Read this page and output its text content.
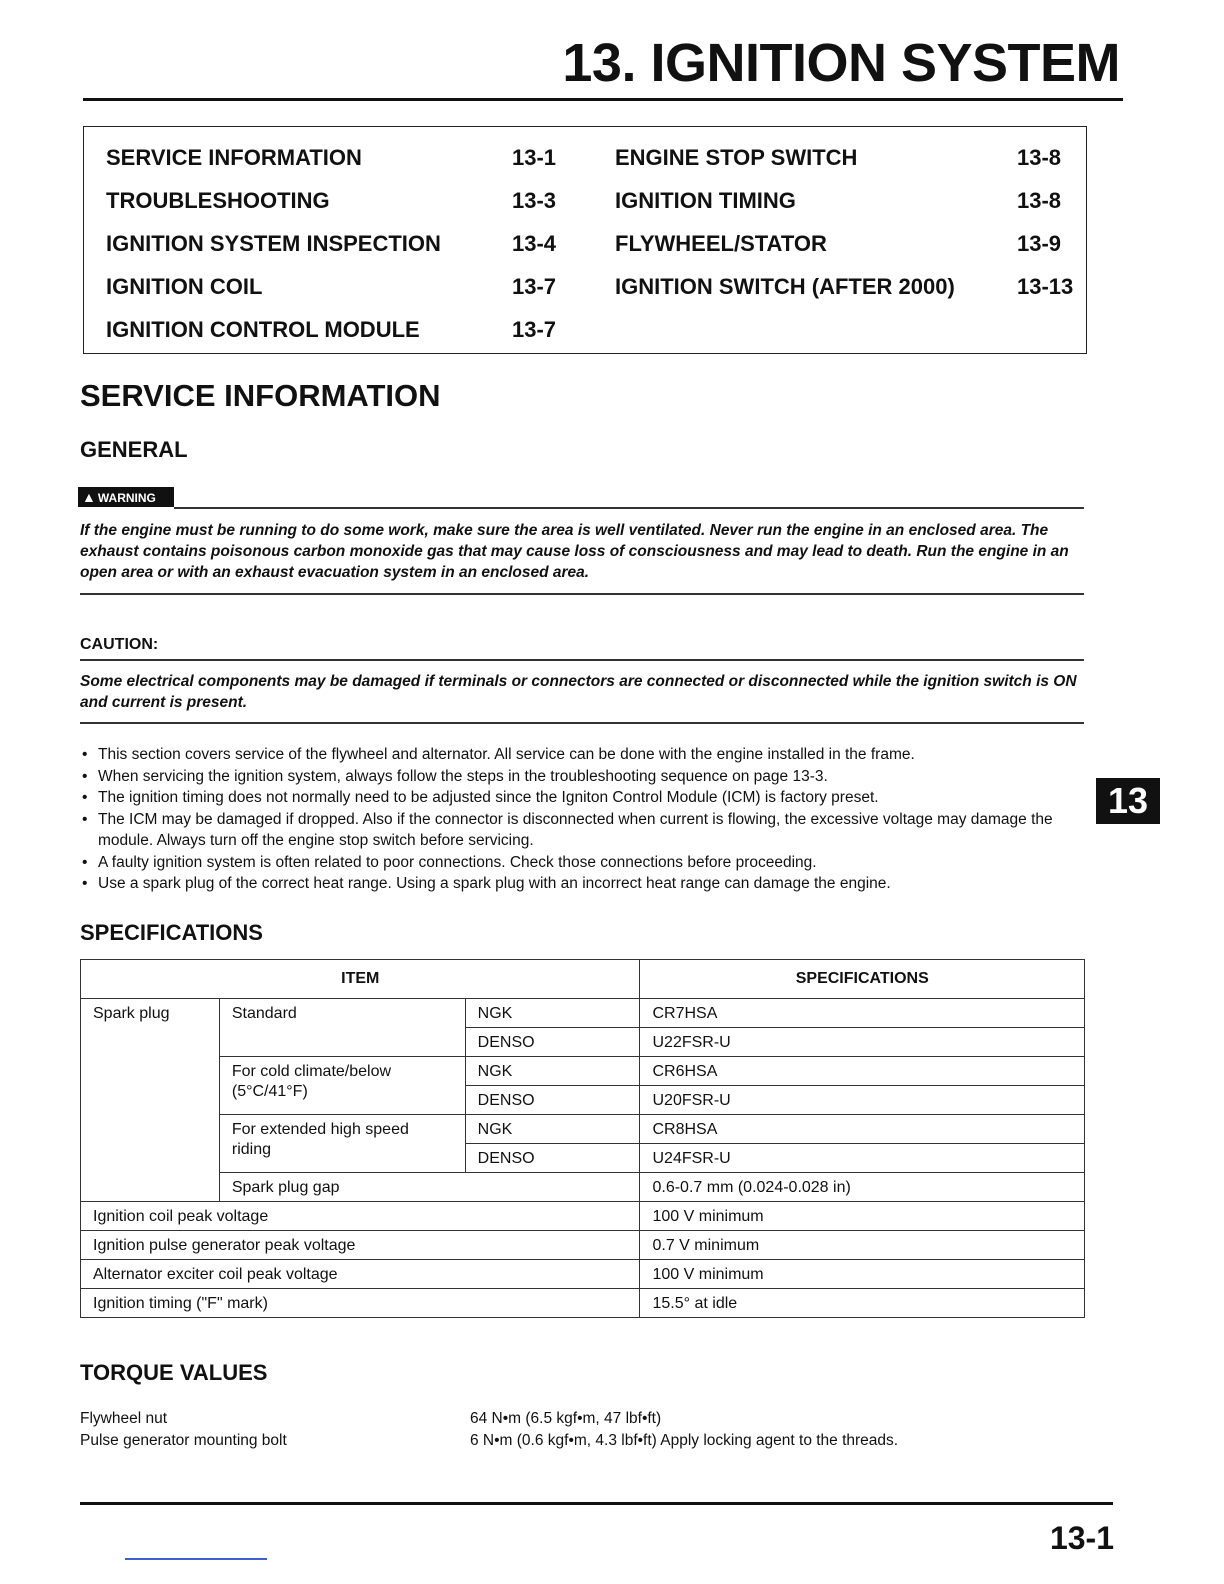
13. IGNITION SYSTEM
SERVICE INFORMATION	13-1
TROUBLESHOOTING	13-3
IGNITION SYSTEM INSPECTION	13-4
IGNITION COIL	13-7
IGNITION CONTROL MODULE	13-7
ENGINE STOP SWITCH	13-8
IGNITION TIMING	13-8
FLYWHEEL/STATOR	13-9
IGNITION SWITCH (AFTER 2000)	13-13
SERVICE INFORMATION
GENERAL
▲ WARNING
If the engine must be running to do some work, make sure the area is well ventilated. Never run the engine in an enclosed area. The exhaust contains poisonous carbon monoxide gas that may cause loss of consciousness and may lead to death. Run the engine in an open area or with an exhaust evacuation system in an enclosed area.
CAUTION:
Some electrical components may be damaged if terminals or connectors are connected or disconnected while the ignition switch is ON and current is present.
• This section covers service of the flywheel and alternator. All service can be done with the engine installed in the frame.
• When servicing the ignition system, always follow the steps in the troubleshooting sequence on page 13-3.
• The ignition timing does not normally need to be adjusted since the Igniton Control Module (ICM) is factory preset.
• The ICM may be damaged if dropped. Also if the connector is disconnected when current is flowing, the excessive voltage may damage the module. Always turn off the engine stop switch before servicing.
• A faulty ignition system is often related to poor connections. Check those connections before proceeding.
• Use a spark plug of the correct heat range. Using a spark plug with an incorrect heat range can damage the engine.
13
SPECIFICATIONS
ITEM			SPECIFICATIONS
Spark plug	Standard	NGK	CR7HSA
		DENSO	U22FSR-U
	For cold climate/below (5°C/41°F)	NGK	CR6HSA
		DENSO	U20FSR-U
	For extended high speed riding	NGK	CR8HSA
		DENSO	U24FSR-U
	Spark plug gap		0.6-0.7 mm (0.024-0.028 in)
Ignition coil peak voltage			100 V minimum
Ignition pulse generator peak voltage			0.7 V minimum
Alternator exciter coil peak voltage			100 V minimum
Ignition timing ("F" mark)			15.5° at idle
TORQUE VALUES
Flywheel nut	64 N•m (6.5 kgf•m, 47 lbf•ft)
Pulse generator mounting bolt	6 N•m (0.6 kgf•m, 4.3 lbf•ft) Apply locking agent to the threads.
13-1
